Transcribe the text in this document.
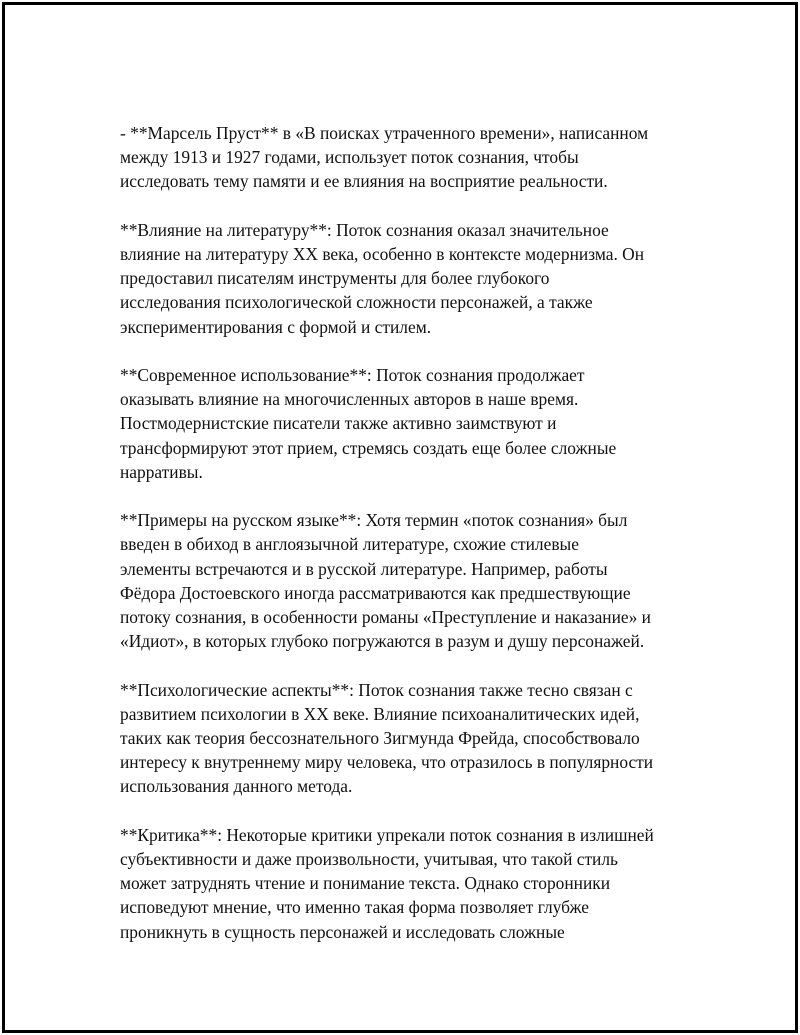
- **Марсель Пруст** в «В поисках утраченного времени», написанном
между 1913 и 1927 годами, использует поток сознания, чтобы
исследовать тему памяти и ее влияния на восприятие реальности.

**Влияние на литературу**: Поток сознания оказал значительное
влияние на литературу XX века, особенно в контексте модернизма. Он
предоставил писателям инструменты для более глубокого
исследования психологической сложности персонажей, а также
экспериментирования с формой и стилем.

**Современное использование**: Поток сознания продолжает
оказывать влияние на многочисленных авторов в наше время.
Постмодернистские писатели также активно заимствуют и
трансформируют этот прием, стремясь создать еще более сложные
нарративы.

**Примеры на русском языке**: Хотя термин «поток сознания» был
введен в обиход в англоязычной литературе, схожие стилевые
элементы встречаются и в русской литературе. Например, работы
Фёдора Достоевского иногда рассматриваются как предшествующие
потоку сознания, в особенности романы «Преступление и наказание» и
«Идиот», в которых глубоко погружаются в разум и душу персонажей.

**Психологические аспекты**: Поток сознания также тесно связан с
развитием психологии в XX веке. Влияние психоаналитических идей,
таких как теория бессознательного Зигмунда Фрейда, способствовало
интересу к внутреннему миру человека, что отразилось в популярности
использования данного метода.

**Критика**: Некоторые критики упрекали поток сознания в излишней
субъективности и даже произвольности, учитывая, что такой стиль
может затруднять чтение и понимание текста. Однако сторонники
исповедуют мнение, что именно такая форма позволяет глубже
проникнуть в сущность персонажей и исследовать сложные
